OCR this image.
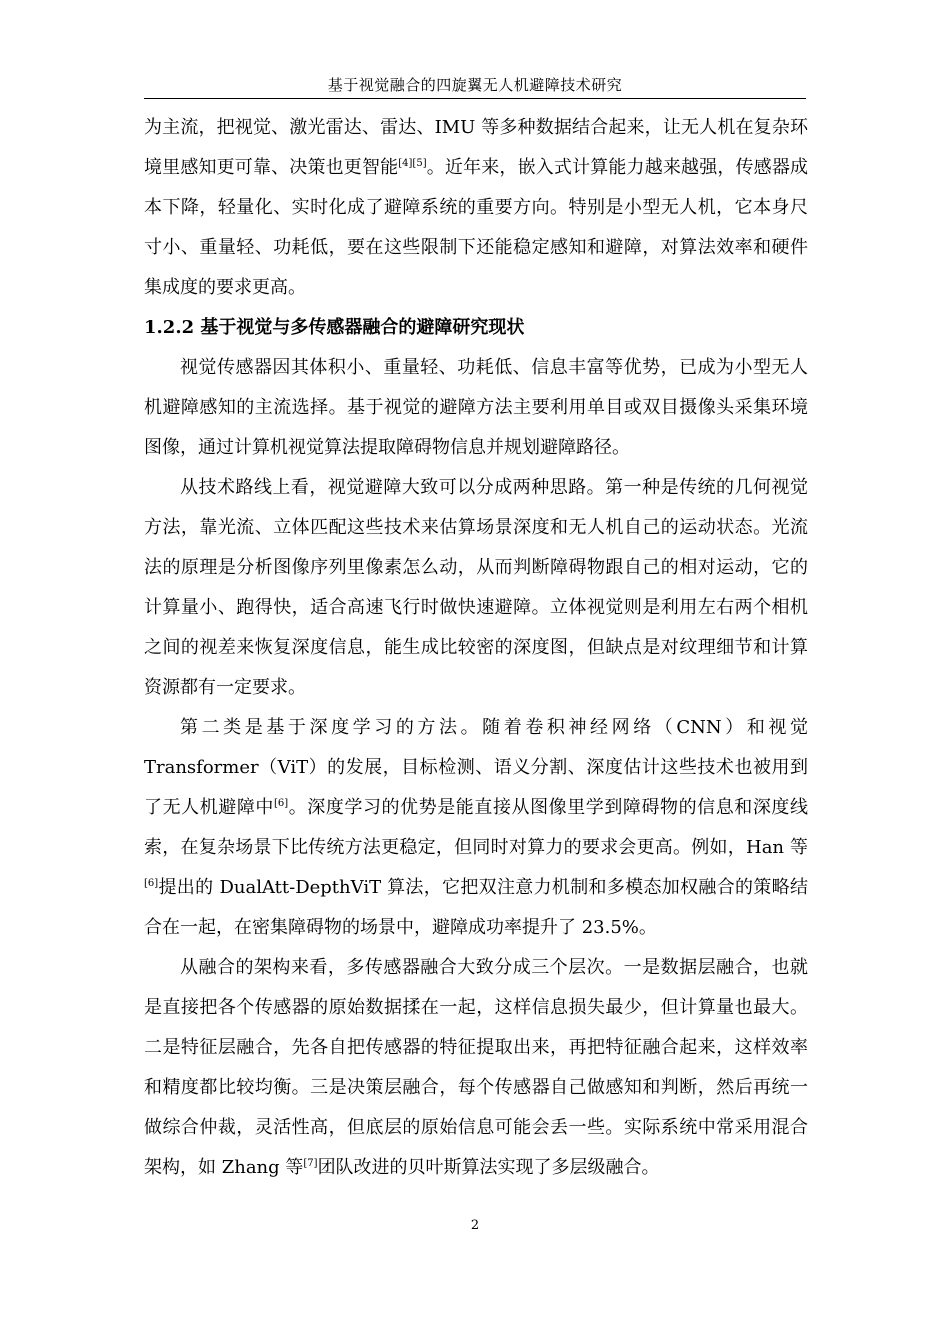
基于视觉融合的四旋翼无人机避障技术研究

为主流，把视觉、激光雷达、雷达、IMU 等多种数据结合起来，让无人机在复杂环境里感知更可靠、决策也更智能[4][5]。近年来，嵌入式计算能力越来越强，传感器成本下降，轻量化、实时化成了避障系统的重要方向。特别是小型无人机，它本身尺寸小、重量轻、功耗低，要在这些限制下还能稳定感知和避障，对算法效率和硬件集成度的要求更高。

1.2.2 基于视觉与多传感器融合的避障研究现状

视觉传感器因其体积小、重量轻、功耗低、信息丰富等优势，已成为小型无人机避障感知的主流选择。基于视觉的避障方法主要利用单目或双目摄像头采集环境图像，通过计算机视觉算法提取障碍物信息并规划避障路径。

从技术路线上看，视觉避障大致可以分成两种思路。第一种是传统的几何视觉方法，靠光流、立体匹配这些技术来估算场景深度和无人机自己的运动状态。光流法的原理是分析图像序列里像素怎么动，从而判断障碍物跟自己的相对运动，它的计算量小、跑得快，适合高速飞行时做快速避障。立体视觉则是利用左右两个相机之间的视差来恢复深度信息，能生成比较密的深度图，但缺点是对纹理细节和计算资源都有一定要求。

第二类是基于深度学习的方法。随着卷积神经网络（CNN）和视觉 Transformer（ViT）的发展，目标检测、语义分割、深度估计这些技术也被用到了无人机避障中[6]。深度学习的优势是能直接从图像里学到障碍物的信息和深度线索，在复杂场景下比传统方法更稳定，但同时对算力的要求会更高。例如，Han 等[6]提出的 DualAtt-DepthViT 算法，它把双注意力机制和多模态加权融合的策略结合在一起，在密集障碍物的场景中，避障成功率提升了 23.5%。

从融合的架构来看，多传感器融合大致分成三个层次。一是数据层融合，也就是直接把各个传感器的原始数据揉在一起，这样信息损失最少，但计算量也最大。二是特征层融合，先各自把传感器的特征提取出来，再把特征融合起来，这样效率和精度都比较均衡。三是决策层融合，每个传感器自己做感知和判断，然后再统一做综合仲裁，灵活性高，但底层的原始信息可能会丢一些。实际系统中常采用混合架构，如 Zhang 等[7]团队改进的贝叶斯算法实现了多层级融合。

2
